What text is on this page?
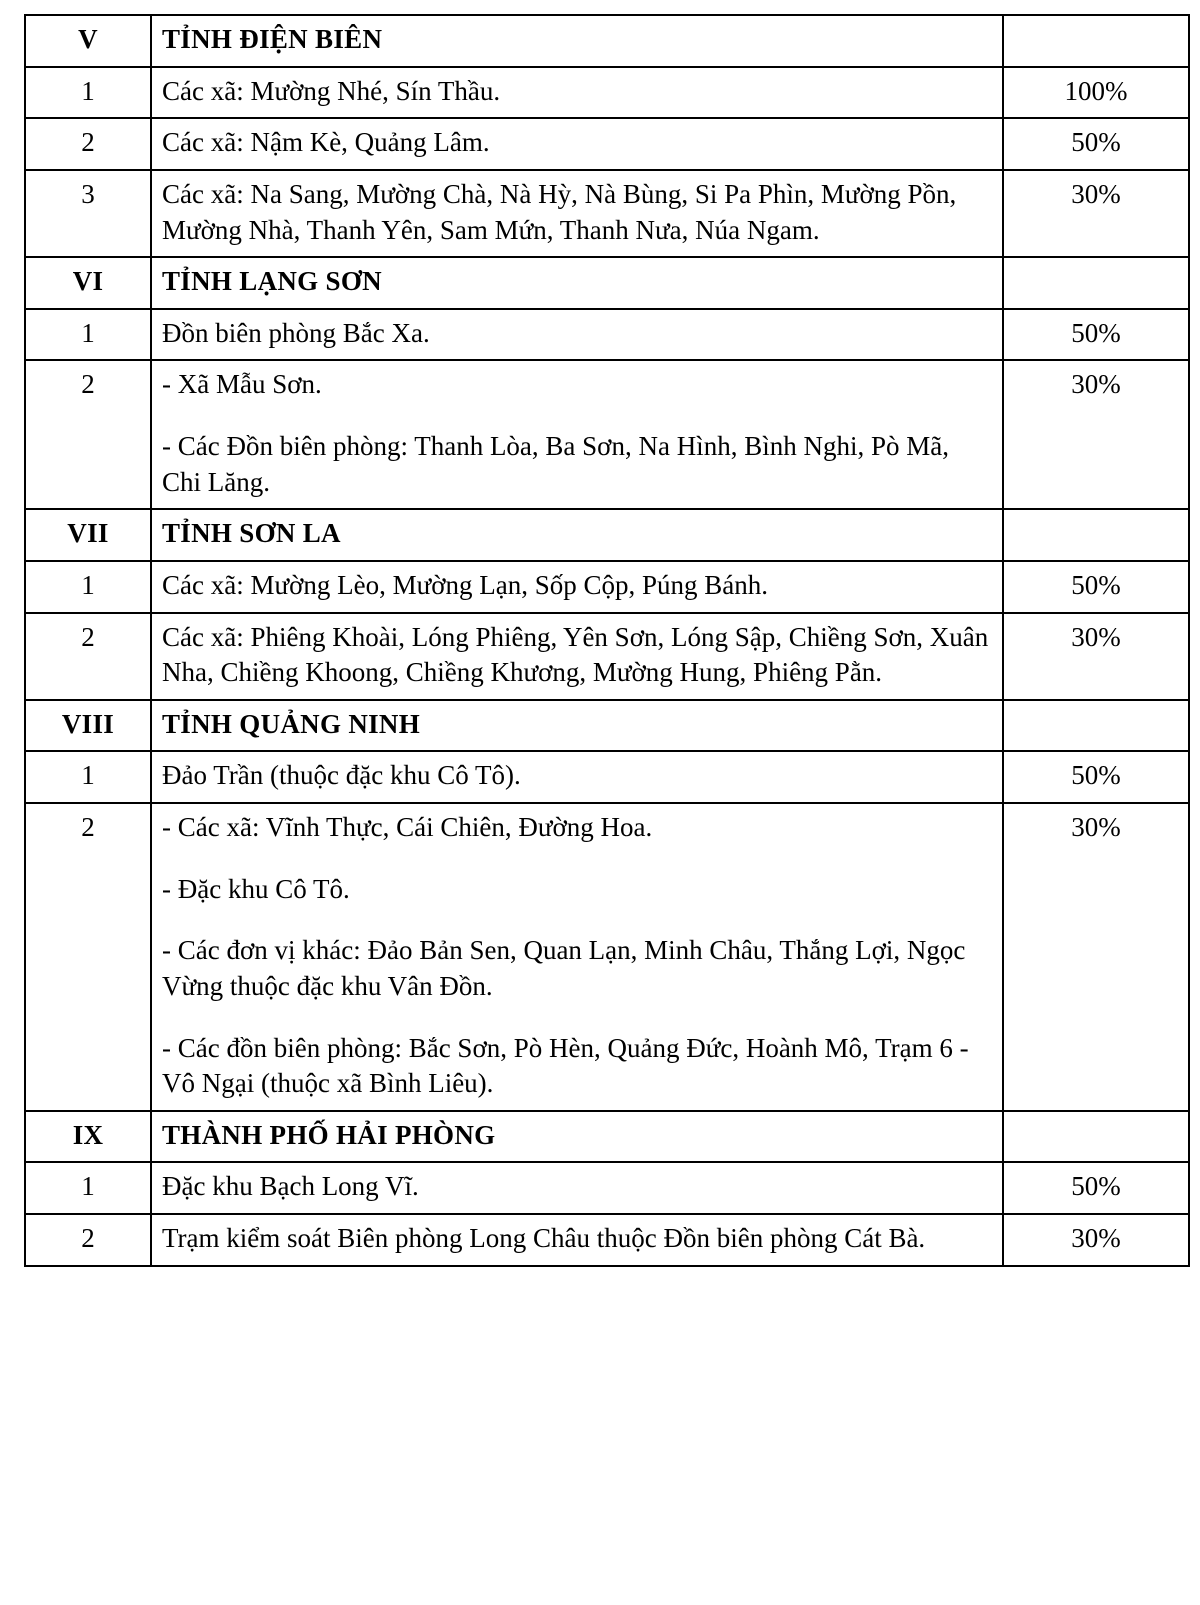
V	TỈNH ĐIỆN BIÊN	

1	Các xã: Mường Nhé, Sín Thầu.	100%

2	Các xã: Nậm Kè, Quảng Lâm.	50%

3	Các xã: Na Sang, Mường Chà, Nà Hỳ, Nà Bùng, Si Pa Phìn, Mường Pồn, Mường Nhà, Thanh Yên, Sam Mứn, Thanh Nưa, Núa Ngam.	30%

VI	TỈNH LẠNG SƠN	

1	Đồn biên phòng Bắc Xa.	50%

2	- Xã Mẫu Sơn.
- Các Đồn biên phòng: Thanh Lòa, Ba Sơn, Na Hình, Bình Nghi, Pò Mã, Chi Lăng.	30%

VII	TỈNH SƠN LA	

1	Các xã: Mường Lèo, Mường Lạn, Sốp Cộp, Púng Bánh.	50%

2	Các xã: Phiêng Khoài, Lóng Phiêng, Yên Sơn, Lóng Sập, Chiềng Sơn, Xuân Nha, Chiềng Khoong, Chiềng Khương, Mường Hung, Phiêng Pằn.	30%

VIII	TỈNH QUẢNG NINH	

1	Đảo Trần (thuộc đặc khu Cô Tô).	50%

2	- Các xã: Vĩnh Thực, Cái Chiên, Đường Hoa.
- Đặc khu Cô Tô.
- Các đơn vị khác: Đảo Bản Sen, Quan Lạn, Minh Châu, Thắng Lợi, Ngọc Vừng thuộc đặc khu Vân Đồn.
- Các đồn biên phòng: Bắc Sơn, Pò Hèn, Quảng Đức, Hoành Mô, Trạm 6 - Vô Ngại (thuộc xã Bình Liêu).	30%

IX	THÀNH PHỐ HẢI PHÒNG	

1	Đặc khu Bạch Long Vĩ.	50%

2	Trạm kiểm soát Biên phòng Long Châu thuộc Đồn biên phòng Cát Bà.	30%
